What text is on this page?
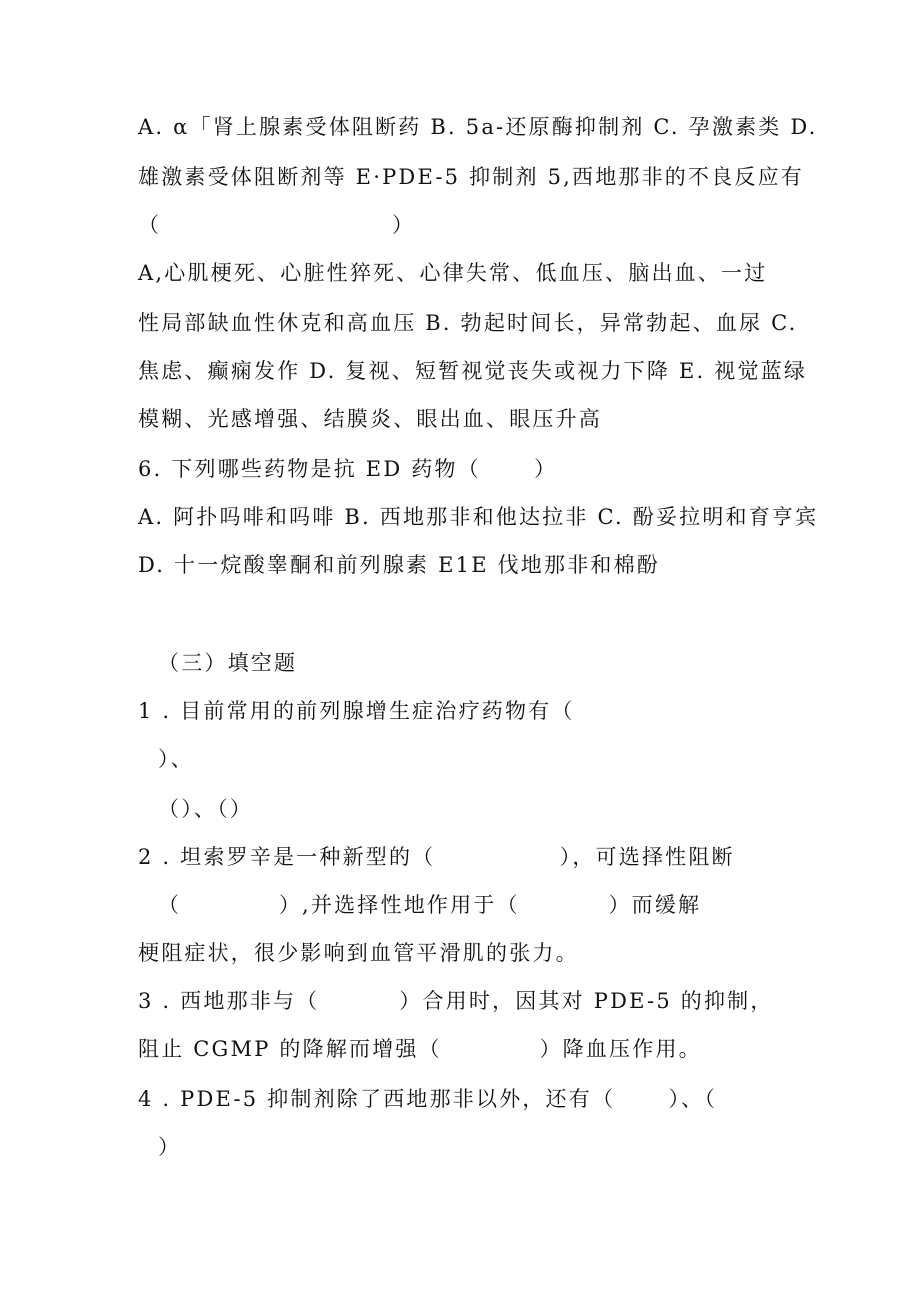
A. α「肾上腺素受体阻断药 B. 5a-还原酶抑制剂 C. 孕激素类 D.
雄激素受体阻断剂等 E·PDE-5 抑制剂 5,西地那非的不良反应有
（                          ）
A,心肌梗死、心脏性猝死、心律失常、低血压、脑出血、一过
性局部缺血性休克和高血压 B. 勃起时间长，异常勃起、血尿 C.
焦虑、癫痫发作 D. 复视、短暂视觉丧失或视力下降 E. 视觉蓝绿
模糊、光感增强、结膜炎、眼出血、眼压升高
6. 下列哪些药物是抗 ED 药物（      ）
A. 阿扑吗啡和吗啡 B. 西地那非和他达拉非 C. 酚妥拉明和育亨宾
D. 十一烷酸睾酮和前列腺素 E1E 伐地那非和棉酚
（三）填空题
1 . 目前常用的前列腺增生症治疗药物有（
）、
（）、（）
2 . 坦索罗辛是一种新型的（              ），可选择性阻断
（           ）,并选择性地作用于（          ）而缓解
梗阻症状，很少影响到血管平滑肌的张力。
3 . 西地那非与（         ）合用时，因其对 PDE-5 的抑制，
阻止 CGMP 的降解而增强（           ）降血压作用。
4 . PDE-5 抑制剂除了西地那非以外，还有（      ）、（
）
